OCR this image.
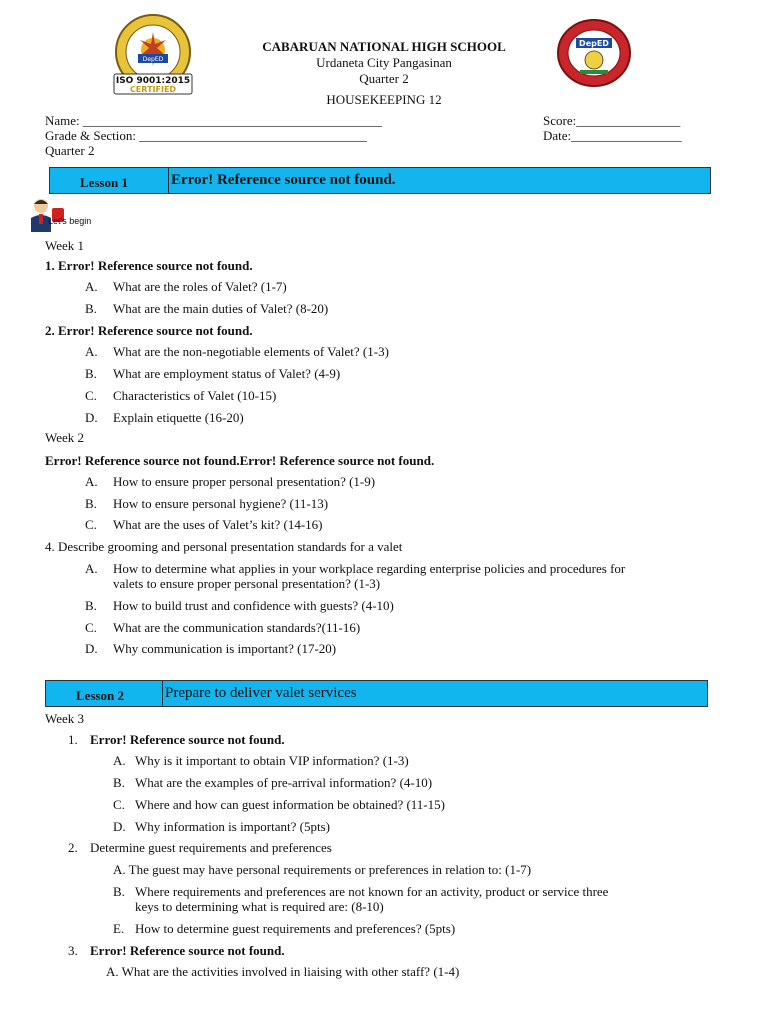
DepED
ISO 9001:2015
CERTIFIED
DepED
CABARUAN NATIONAL HIGH SCHOOL
Urdaneta City Pangasinan
Quarter 2
HOUSEKEEPING 12
Name: ______________________________________________
Grade & Section: ___________________________________
Quarter 2
Score:________________
Date:_________________
Lesson 1	Error! Reference source not found.
Let's begin
Week 1
1. Error! Reference source not found.
A. What are the roles of Valet? (1-7)
B. What are the main duties of Valet? (8-20)
2. Error! Reference source not found.
A. What are the non-negotiable elements of Valet? (1-3)
B. What are employment status of Valet? (4-9)
C. Characteristics of Valet (10-15)
D. Explain etiquette (16-20)
Week 2
Error! Reference source not found.Error! Reference source not found.
A. How to ensure proper personal presentation? (1-9)
B. How to ensure personal hygiene? (11-13)
C. What are the uses of Valet’s kit? (14-16)
4. Describe grooming and personal presentation standards for a valet
A. How to determine what applies in your workplace regarding enterprise policies and procedures for
valets to ensure proper personal presentation? (1-3)
B. How to build trust and confidence with guests? (4-10)
C. What are the communication standards?(11-16)
D. Why communication is important? (17-20)
Lesson 2	Prepare to deliver valet services
Week 3
1. Error! Reference source not found.
A. Why is it important to obtain VIP information? (1-3)
B. What are the examples of pre-arrival information? (4-10)
C. Where and how can guest information be obtained? (11-15)
D. Why information is important? (5pts)
2. Determine guest requirements and preferences
A. The guest may have personal requirements or preferences in relation to: (1-7)
B. Where requirements and preferences are not known for an activity, product or service three
keys to determining what is required are: (8-10)
E. How to determine guest requirements and preferences? (5pts)
3. Error! Reference source not found.
A. What are the activities involved in liaising with other staff? (1-4)
